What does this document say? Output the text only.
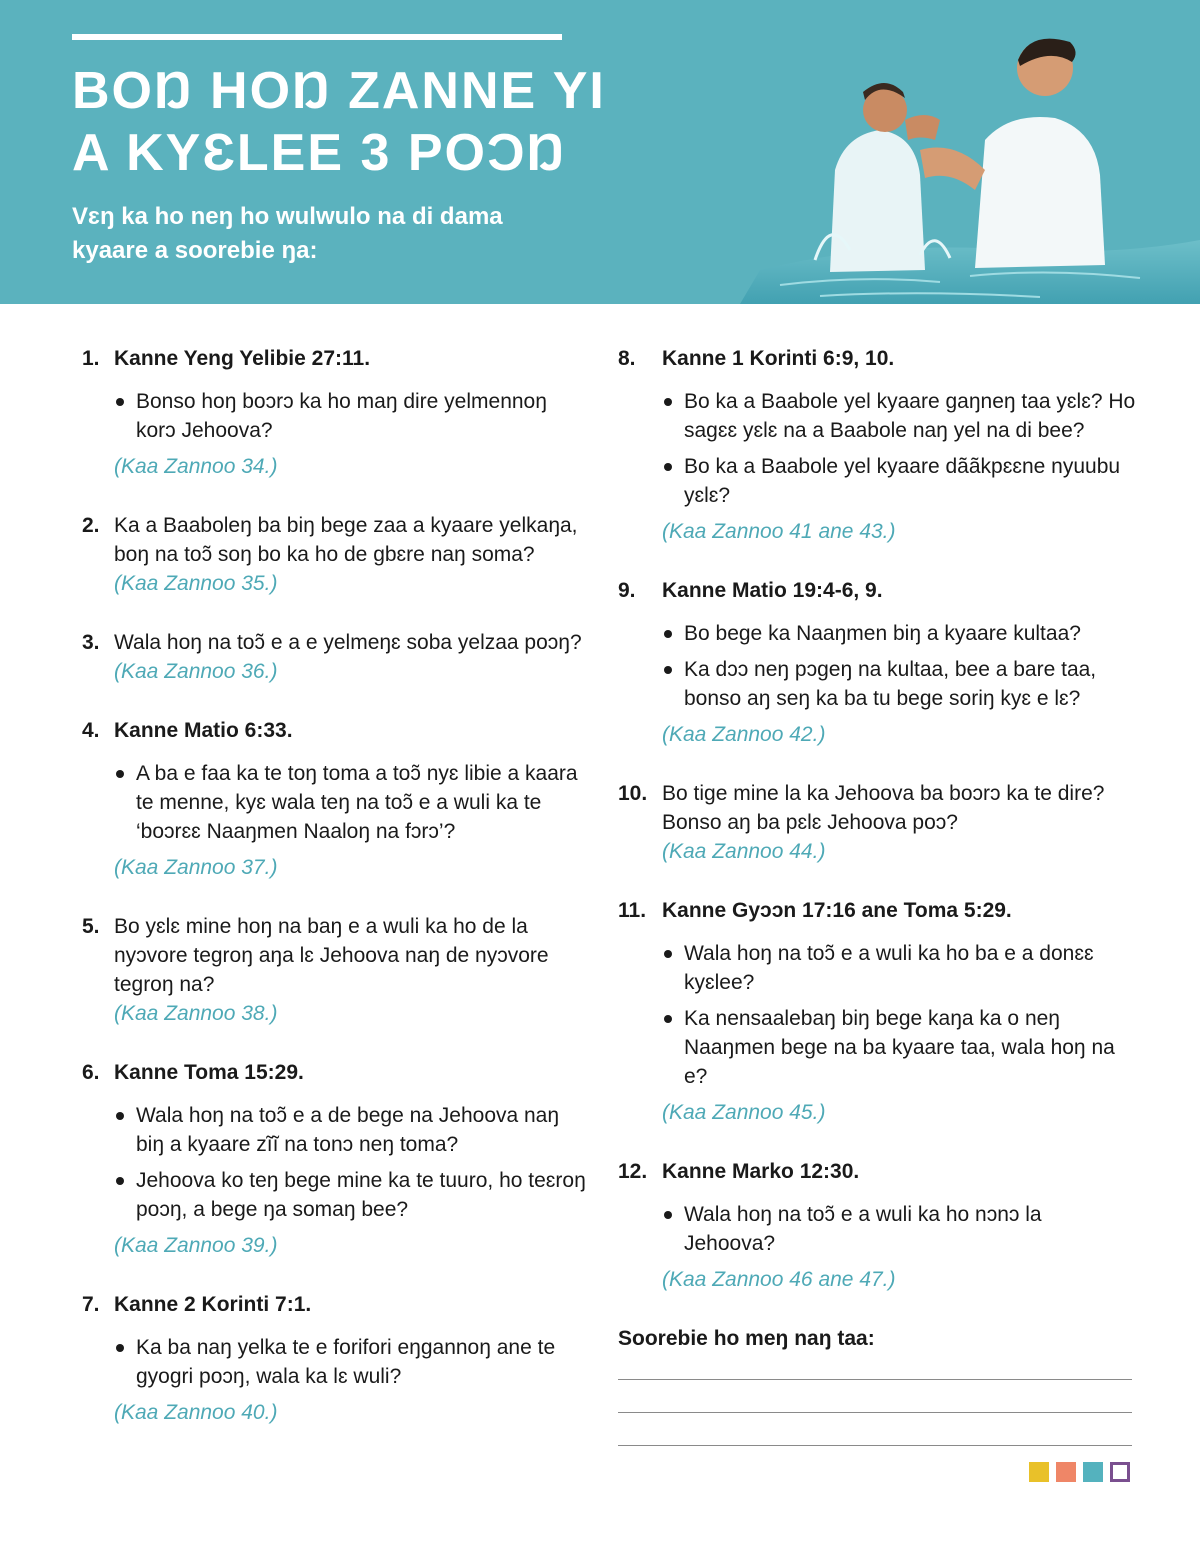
BOŊ HOŊ ZANNE YI
A KYƐLEE 3 POƆŊ

Vɛŋ ka ho neŋ ho wulwulo na di dama
kyaare a soorebie ŋa:

1. Kanne Yeng Yelibie 27:11.
Bonso hoŋ boɔrɔ ka ho maŋ dire yelmennoŋ korɔ Jehoova?
(Kaa Zannoo 34.)
2. Ka a Baaboleŋ ba biŋ bege zaa a kyaare yelkaŋa, boŋ na toɔ̃ soŋ bo ka ho de gbɛre naŋ soma?
(Kaa Zannoo 35.)
3. Wala hoŋ na toɔ̃ e a e yelmeŋɛ soba yelzaa poɔŋ?
(Kaa Zannoo 36.)
4. Kanne Matio 6:33.
A ba e faa ka te toŋ toma a toɔ̃ nyɛ libie a kaara te menne, kyɛ wala teŋ na toɔ̃ e a wuli ka te ‘boɔrɛɛ Naaŋmen Naaloŋ na fɔrɔ’?
(Kaa Zannoo 37.)
5. Bo yɛlɛ mine hoŋ na baŋ e a wuli ka ho de la nyɔvore tegroŋ aŋa lɛ Jehoova naŋ de nyɔvore tegroŋ na?
(Kaa Zannoo 38.)
6. Kanne Toma 15:29.
Wala hoŋ na toɔ̃ e a de bege na Jehoova naŋ biŋ a kyaare zĩĩ na tonɔ neŋ toma?
Jehoova ko teŋ bege mine ka te tuuro, ho teɛroŋ poɔŋ, a bege ŋa somaŋ bee?
(Kaa Zannoo 39.)
7. Kanne 2 Korinti 7:1.
Ka ba naŋ yelka te e forifori eŋgannoŋ ane te gyogri poɔŋ, wala ka lɛ wuli?
(Kaa Zannoo 40.)
8.	Kanne 1 Korinti 6:9, 10.
Bo ka a Baabole yel kyaare gaŋneŋ taa yɛlɛ? Ho sagɛɛ yɛlɛ na a Baabole naŋ yel na di bee?
Bo ka a Baabole yel kyaare dããkpɛɛne nyuubu yɛlɛ?
(Kaa Zannoo 41 ane 43.)
9.	Kanne Matio 19:4-6, 9.
Bo bege ka Naaŋmen biŋ a kyaare kultaa?
Ka dɔɔ neŋ pɔgeŋ na kultaa, bee a bare taa, bonso aŋ seŋ ka ba tu bege soriŋ kyɛ e lɛ?
(Kaa Zannoo 42.)
10. Bo tige mine la ka Jehoova ba boɔrɔ ka te dire? Bonso aŋ ba pɛlɛ Jehoova poɔ?
(Kaa Zannoo 44.)
11. Kanne Gyɔɔn 17:16 ane Toma 5:29.
Wala hoŋ na toɔ̃ e a wuli ka ho ba e a donɛɛ kyɛlee?
Ka nensaalebaŋ biŋ bege kaŋa ka o neŋ Naaŋmen bege na ba kyaare taa, wala hoŋ na e?
(Kaa Zannoo 45.)
12. Kanne Marko 12:30.
Wala hoŋ na toɔ̃ e a wuli ka ho nɔnɔ la Jehoova?
(Kaa Zannoo 46 ane 47.)
Soorebie ho meŋ naŋ taa:
